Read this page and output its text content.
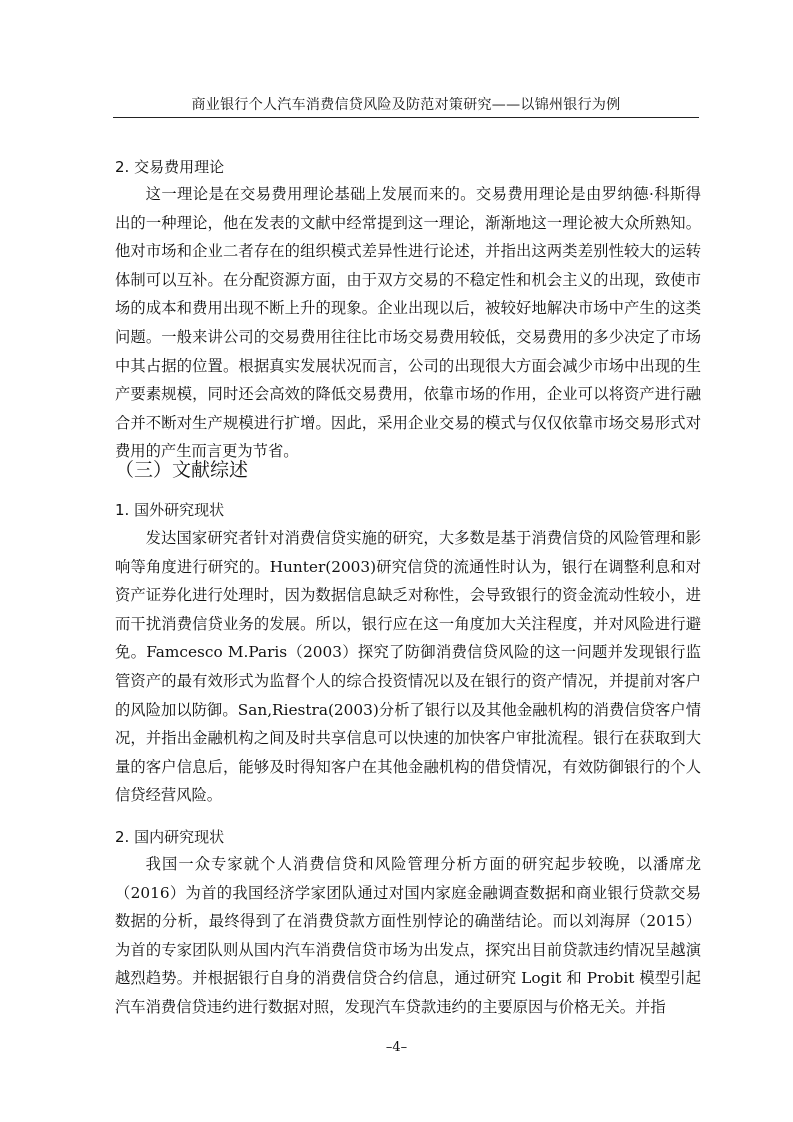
商业银行个人汽车消费信贷风险及防范对策研究——以锦州银行为例
2. 交易费用理论
这一理论是在交易费用理论基础上发展而来的。交易费用理论是由罗纳德·科斯得出的一种理论，他在发表的文献中经常提到这一理论，渐渐地这一理论被大众所熟知。他对市场和企业二者存在的组织模式差异性进行论述，并指出这两类差别性较大的运转体制可以互补。在分配资源方面，由于双方交易的不稳定性和机会主义的出现，致使市场的成本和费用出现不断上升的现象。企业出现以后，被较好地解决市场中产生的这类问题。一般来讲公司的交易费用往往比市场交易费用较低，交易费用的多少决定了市场中其占据的位置。根据真实发展状况而言，公司的出现很大方面会减少市场中出现的生产要素规模，同时还会高效的降低交易费用，依靠市场的作用，企业可以将资产进行融合并不断对生产规模进行扩增。因此，采用企业交易的模式与仅仅依靠市场交易形式对费用的产生而言更为节省。
（三）文献综述
1. 国外研究现状
发达国家研究者针对消费信贷实施的研究，大多数是基于消费信贷的风险管理和影响等角度进行研究的。Hunter(2003)研究信贷的流通性时认为，银行在调整利息和对资产证券化进行处理时，因为数据信息缺乏对称性，会导致银行的资金流动性较小，进而干扰消费信贷业务的发展。所以，银行应在这一角度加大关注程度，并对风险进行避免。Famcesco M.Paris（2003）探究了防御消费信贷风险的这一问题并发现银行监管资产的最有效形式为监督个人的综合投资情况以及在银行的资产情况，并提前对客户的风险加以防御。San,Riestra(2003)分析了银行以及其他金融机构的消费信贷客户情况，并指出金融机构之间及时共享信息可以快速的加快客户审批流程。银行在获取到大量的客户信息后，能够及时得知客户在其他金融机构的借贷情况，有效防御银行的个人信贷经营风险。
2. 国内研究现状
我国一众专家就个人消费信贷和风险管理分析方面的研究起步较晚，以潘席龙（2016）为首的我国经济学家团队通过对国内家庭金融调查数据和商业银行贷款交易数据的分析，最终得到了在消费贷款方面性别悖论的确凿结论。而以刘海屏（2015）为首的专家团队则从国内汽车消费信贷市场为出发点，探究出目前贷款违约情况呈越演越烈趋势。并根据银行自身的消费信贷合约信息，通过研究 Logit 和 Probit 模型引起汽车消费信贷违约进行数据对照，发现汽车贷款违约的主要原因与价格无关。并指
–4–
